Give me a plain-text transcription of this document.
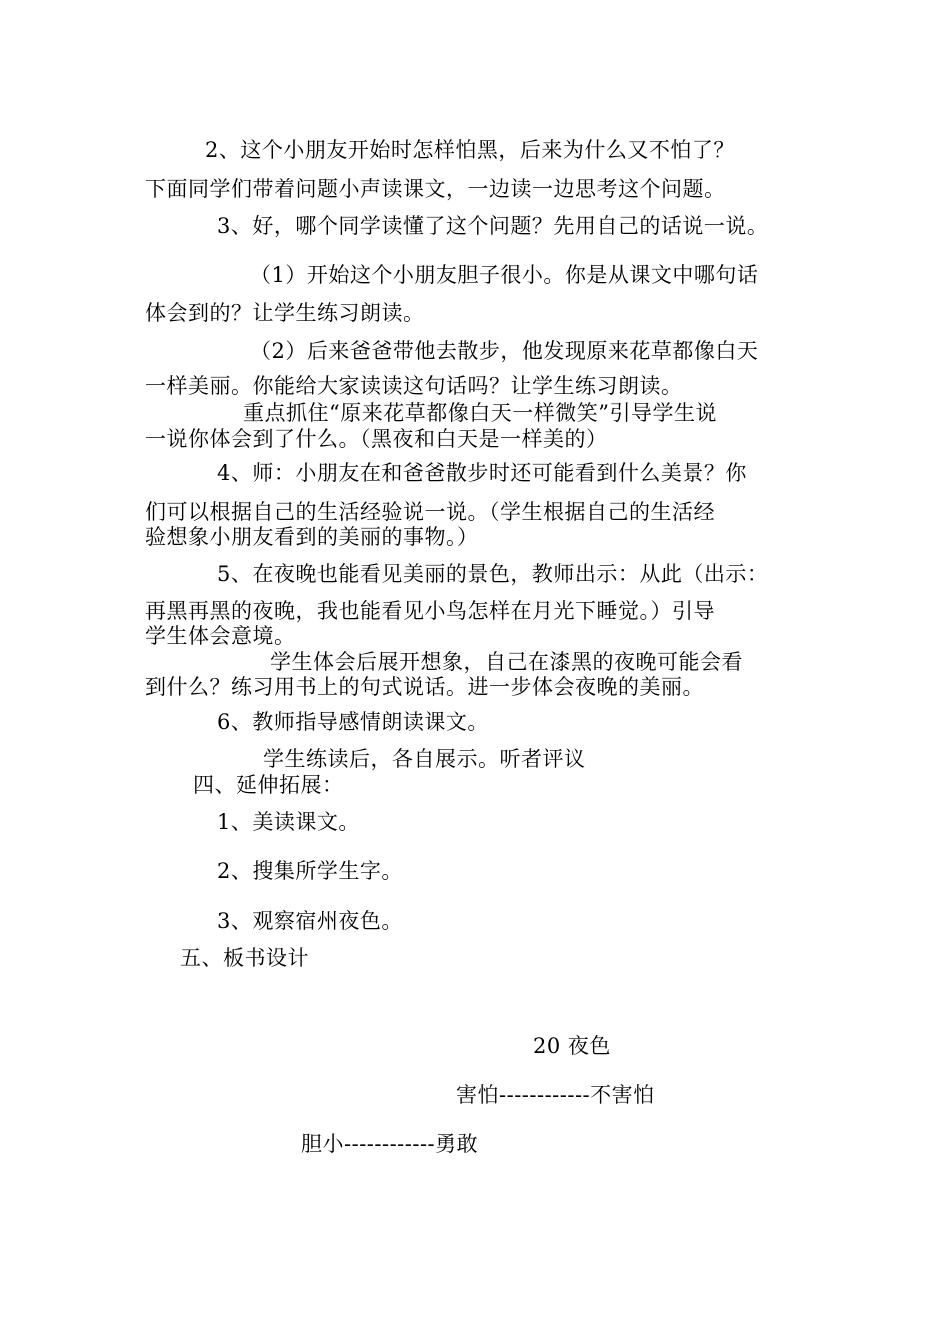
2、这个小朋友开始时怎样怕黑，后来为什么又不怕了？
下面同学们带着问题小声读课文，一边读一边思考这个问题。
3、好，哪个同学读懂了这个问题？先用自己的话说一说。
（1）开始这个小朋友胆子很小。你是从课文中哪句话
体会到的？让学生练习朗读。
（2）后来爸爸带他去散步，他发现原来花草都像白天
一样美丽。你能给大家读读这句话吗？让学生练习朗读。
重点抓住“原来花草都像白天一样微笑”引导学生说
一说你体会到了什么。（黑夜和白天是一样美的）
4、师：小朋友在和爸爸散步时还可能看到什么美景？你
们可以根据自己的生活经验说一说。（学生根据自己的生活经
验想象小朋友看到的美丽的事物。）
5、在夜晚也能看见美丽的景色，教师出示：从此（出示：
再黑再黑的夜晚，我也能看见小鸟怎样在月光下睡觉。）引导
学生体会意境。
学生体会后展开想象，自己在漆黑的夜晚可能会看
到什么？练习用书上的句式说话。进一步体会夜晚的美丽。
6、教师指导感情朗读课文。
学生练读后，各自展示。听者评议
四、延伸拓展：
1、美读课文。
2、搜集所学生字。
3、观察宿州夜色。
五、板书设计
20 夜色
害怕------------不害怕
胆小------------勇敢
